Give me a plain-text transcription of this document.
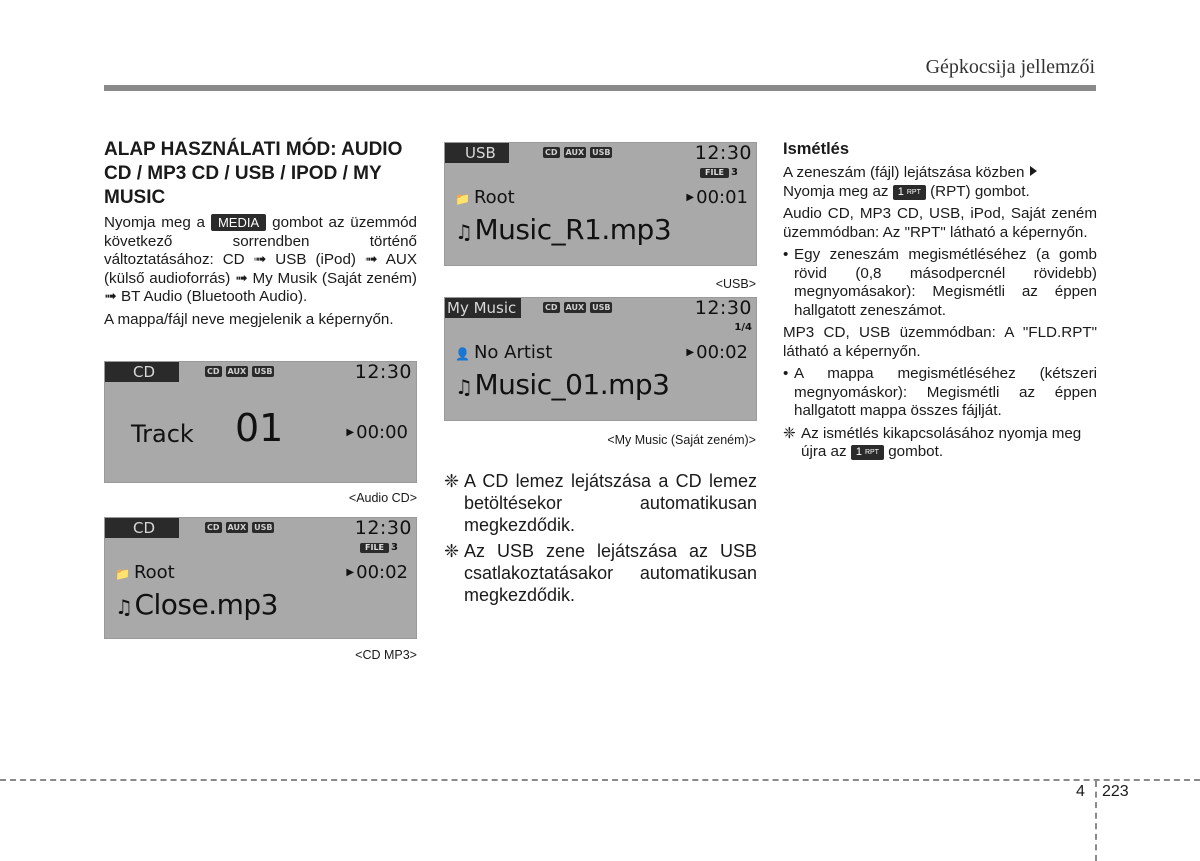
Gépkocsija jellemzői
ALAP HASZNÁLATI MÓD: AUDIO CD / MP3 CD / USB / IPOD / MY MUSIC

Nyomja meg a MEDIA gombot az üzemmód következő sorrendben történő változtatásához: CD ➟ USB (iPod) ➟ AUX (külső audioforrás) ➟ My Musik (Saját zeném) ➟ BT Audio (Bluetooth Audio).

A mappa/fájl neve megjelenik a képernyőn.

CD	CD AUX USB	12:30
Track 01	▶ 00:00
<Audio CD>
CD	CD AUX USB	12:30
FILE 3
📁 Root	▶ 00:02
♫Close.mp3
<CD MP3>
USB	CD AUX USB	12:30
FILE 3
📁 Root	▶ 00:01
♫Music_R1.mp3
<USB>
My Music	CD AUX USB	12:30
1/4
👤 No Artist	▶ 00:02
♫Music_01.mp3
<My Music (Saját zeném)>

❈ A CD lemez lejátszása a CD lemez betöltésekor automatikusan megkezdődik.

❈ Az USB zene lejátszása az USB csatlakoztatásakor automatikusan megkezdődik.

Ismétlés

A zeneszám (fájl) lejátszása közben

Nyomja meg az 1 RPT (RPT) gombot.

Audio CD, MP3 CD, USB, iPod, Saját zeném üzemmódban: Az "RPT" látható a képernyőn.

• Egy zeneszám megismétléséhez (a gomb rövid (0,8 másodpercnél rövidebb) megnyomásakor): Megismétli az éppen hallgatott zeneszámot.

MP3 CD, USB üzemmódban: A "FLD.RPT" látható a képernyőn.

• A mappa megismétléséhez (kétszeri megnyomáskor): Megismétli az éppen hallgatott mappa összes fájlját.

❈ Az ismétlés kikapcsolásához nyomja meg újra az 1 RPT gombot.

4 223
